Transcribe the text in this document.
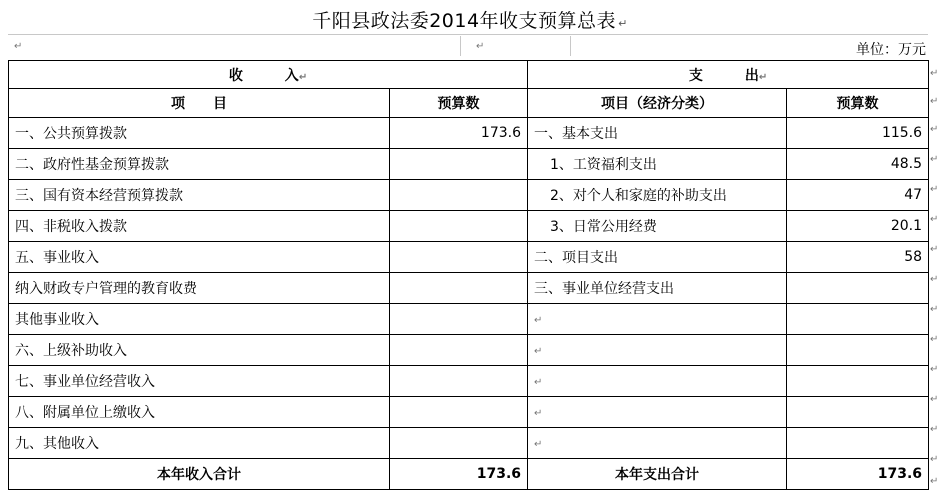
千阳县政法委2014年收支预算总表 ↵
↵	↵	单位：万元
收　　　入↵		支　　　出↵	
项　　目	预算数	项目（经济分类）	预算数
一、公共预算拨款	173.6	一、基本支出	115.6
二、政府性基金预算拨款		1、工资福利支出	48.5
三、国有资本经营预算拨款		2、对个人和家庭的补助支出	47
四、非税收入拨款		3、日常公用经费	20.1
五、事业收入		二、项目支出	58
纳入财政专户管理的教育收费		三、事业单位经营支出	
其他事业收入		↵	
六、上级补助收入		↵	
七、事业单位经营收入		↵	
八、附属单位上缴收入		↵	
九、其他收入		↵	
本年收入合计	173.6	本年支出合计	173.6
↵
↵
↵
↵
↵
↵
↵
↵
↵
↵
↵
↵
↵
↵
↵
